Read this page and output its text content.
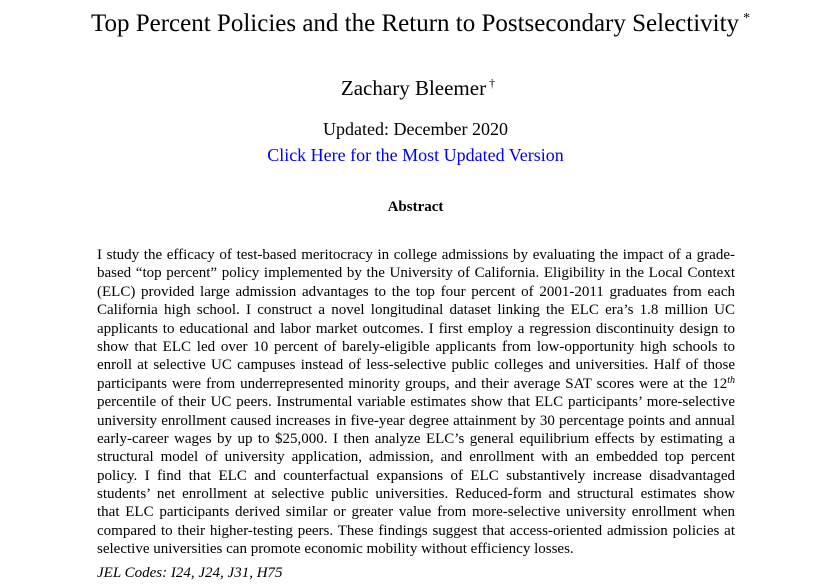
Top Percent Policies and the Return to Postsecondary Selectivity *
Zachary Bleemer †
Updated: December 2020
Click Here for the Most Updated Version
Abstract
I study the efficacy of test-based meritocracy in college admissions by evaluating the impact of a grade-
based “top percent” policy implemented by the University of California. Eligibility in the Local Context
(ELC) provided large admission advantages to the top four percent of 2001-2011 graduates from each
California high school. I construct a novel longitudinal dataset linking the ELC era’s 1.8 million UC
applicants to educational and labor market outcomes. I first employ a regression discontinuity design to
show that ELC led over 10 percent of barely-eligible applicants from low-opportunity high schools to
enroll at selective UC campuses instead of less-selective public colleges and universities. Half of those
participants were from underrepresented minority groups, and their average SAT scores were at the 12th
percentile of their UC peers. Instrumental variable estimates show that ELC participants’ more-selective
university enrollment caused increases in five-year degree attainment by 30 percentage points and annual
early-career wages by up to $25,000. I then analyze ELC’s general equilibrium effects by estimating a
structural model of university application, admission, and enrollment with an embedded top percent
policy. I find that ELC and counterfactual expansions of ELC substantively increase disadvantaged
students’ net enrollment at selective public universities. Reduced-form and structural estimates show
that ELC participants derived similar or greater value from more-selective university enrollment when
compared to their higher-testing peers. These findings suggest that access-oriented admission policies at
selective universities can promote economic mobility without efficiency losses.
JEL Codes: I24, J24, J31, H75
